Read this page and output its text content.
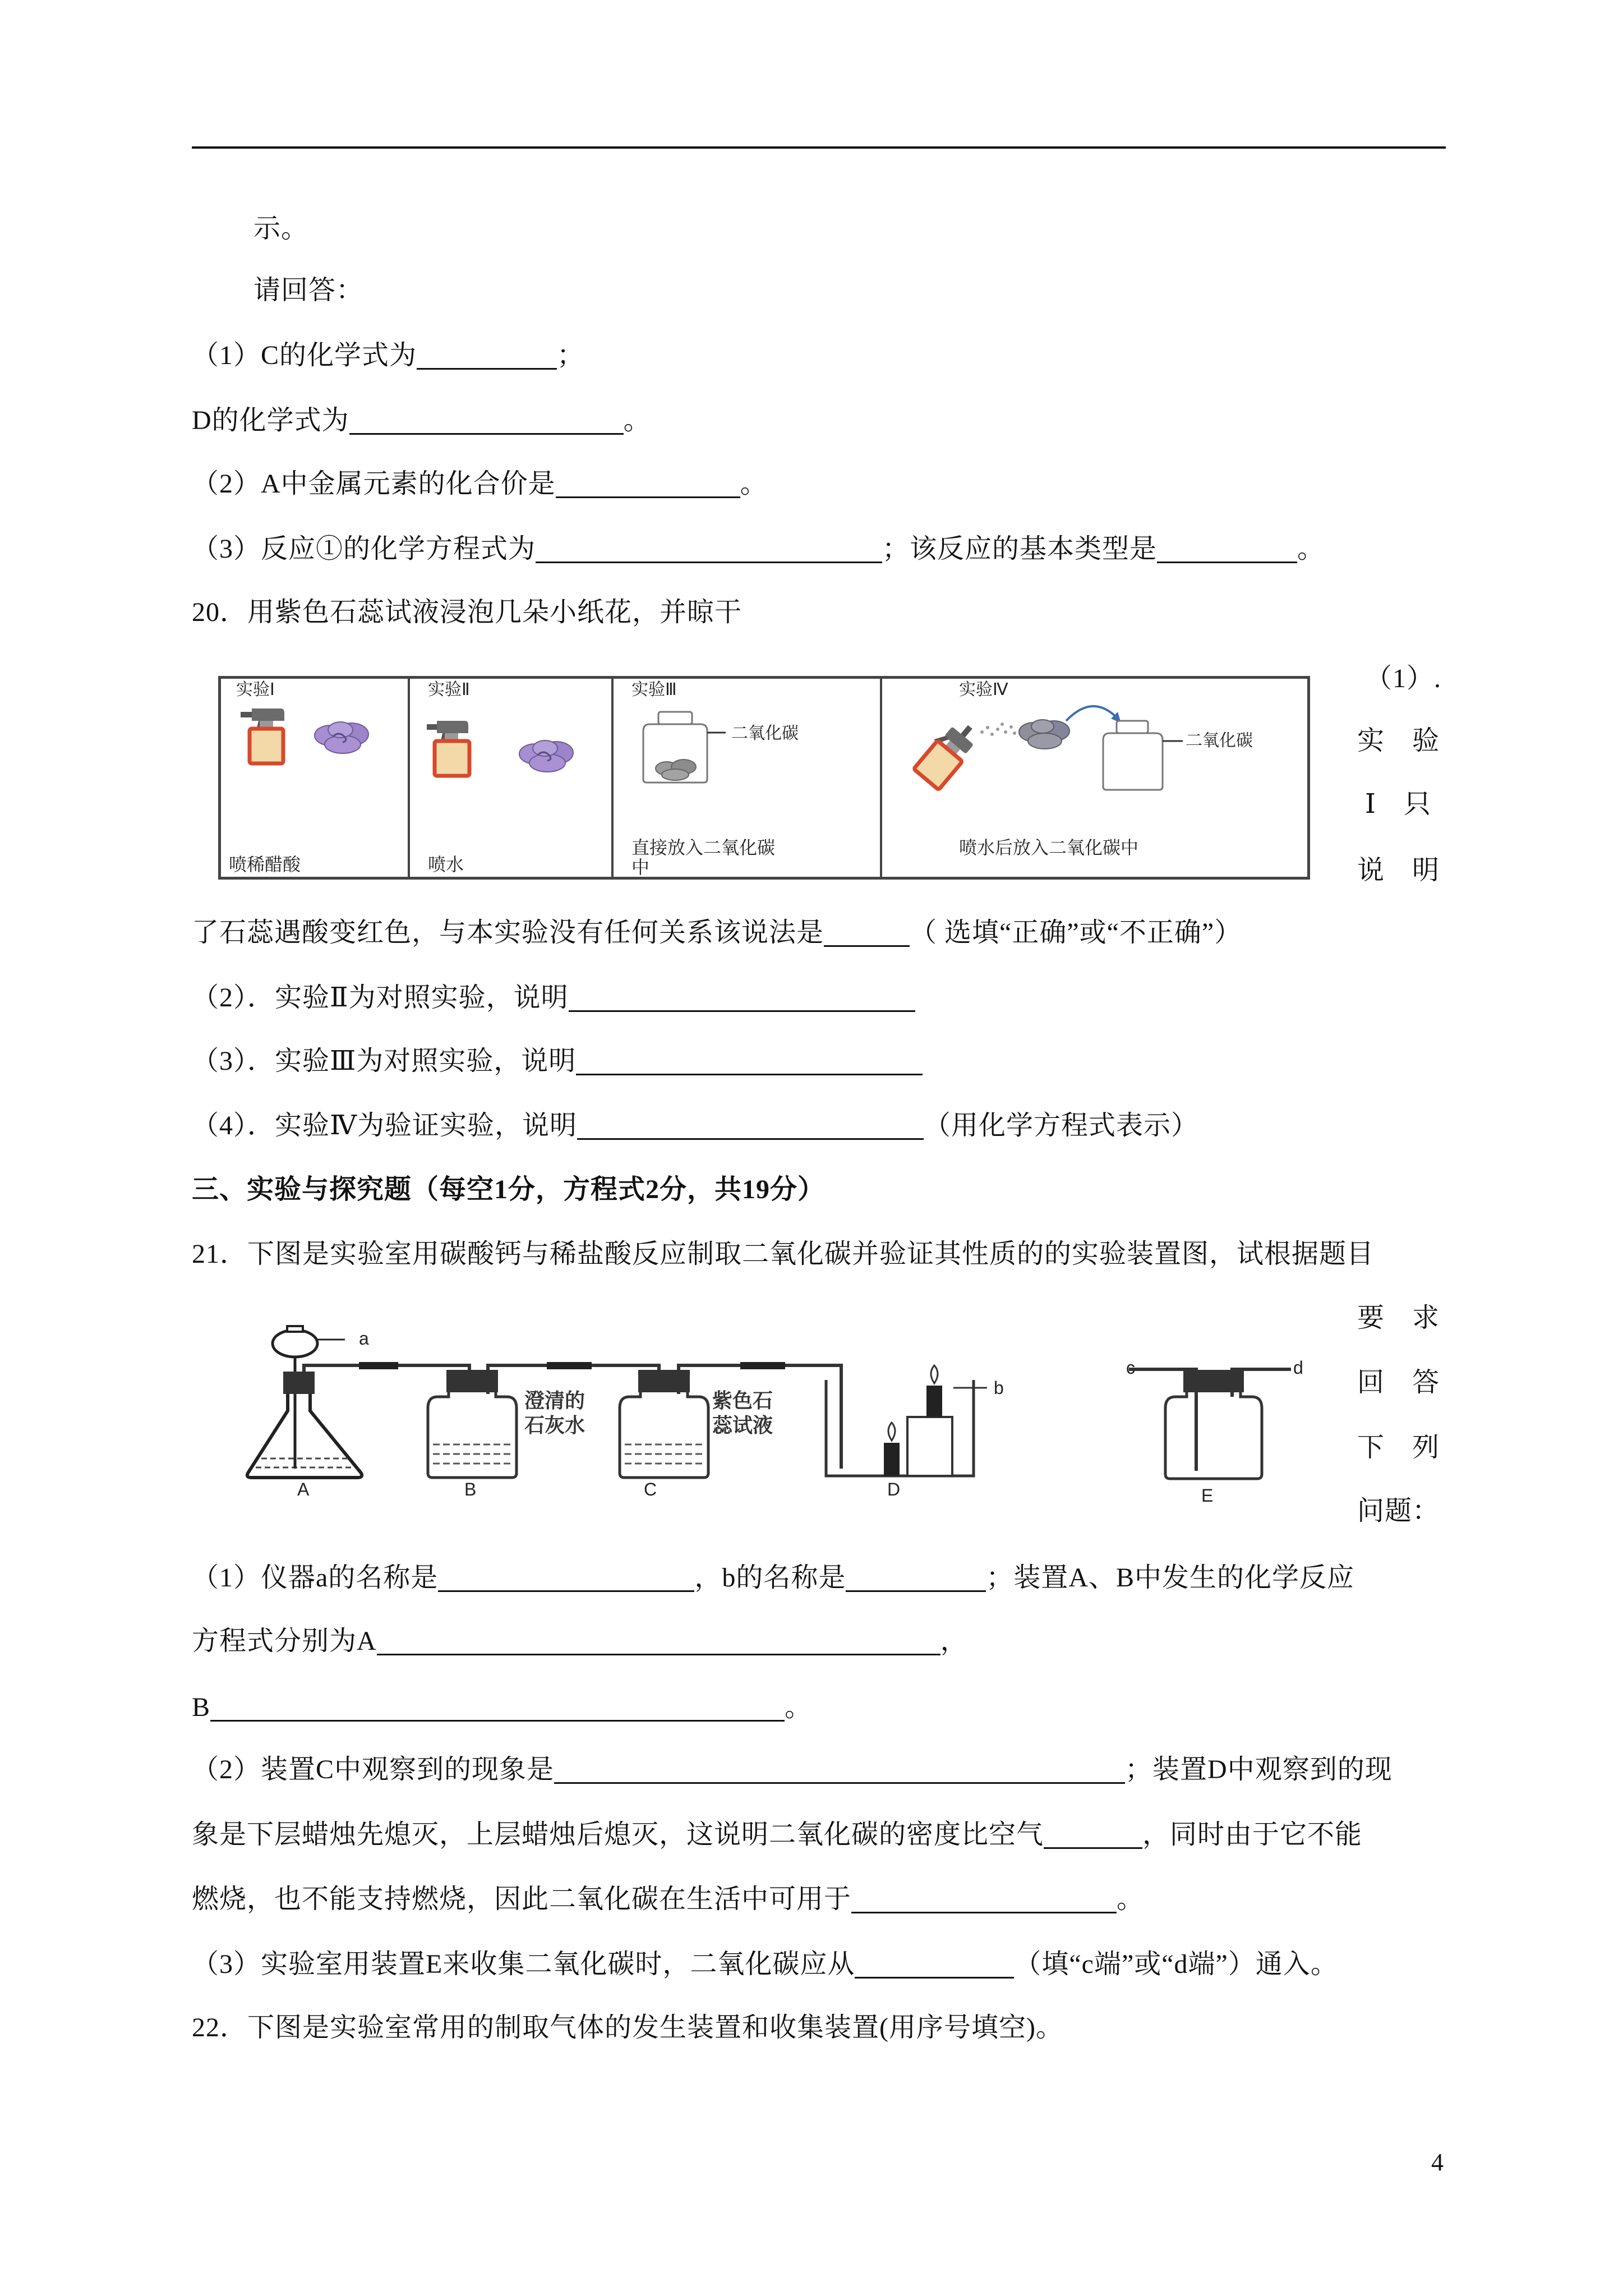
示。
请回答：
（1）C的化学式为	；
D的化学式为	。
（2）A中金属元素的化合价是	。
（3）反应①的化学方程式为	；该反应的基本类型是	。
20．用紫色石蕊试液浸泡几朵小纸花，并晾干
实验Ⅰ	实验Ⅱ	实验Ⅲ	实验Ⅳ
二氧化碳	二氧化碳
喷稀醋酸	喷水
直接放入二氧化碳
中
喷水后放入二氧化碳中
（1）.
实　验
Ⅰ　只
说　明
了石蕊遇酸变红色，与本实验没有任何关系该说法是	（ 选填“正确”或“不正确”）
（2）．实验Ⅱ为对照实验，说明
（3）．实验Ⅲ为对照实验，说明
（4）．实验Ⅳ为验证实验，说明	（用化学方程式表示）
三、实验与探究题（每空1分，方程式2分，共19分）
21．下图是实验室用碳酸钙与稀盐酸反应制取二氧化碳并验证其性质的的实验装置图，试根据题目
a
b
c	d
澄清的
石灰水
紫色石
蕊试液
A	B	C	D	E
要　求
回　答
下　列
问题：
（1）仪器a的名称是	，b的名称是	；装置A、B中发生的化学反应
方程式分别为A	，
B	。
（2）装置C中观察到的现象是	；装置D中观察到的现
象是下层蜡烛先熄灭，上层蜡烛后熄灭，这说明二氧化碳的密度比空气	，同时由于它不能
燃烧，也不能支持燃烧，因此二氧化碳在生活中可用于	。
（3）实验室用装置E来收集二氧化碳时，二氧化碳应从	（填“c端”或“d端”）通入。
22．下图是实验室常用的制取气体的发生装置和收集装置(用序号填空)。
4
